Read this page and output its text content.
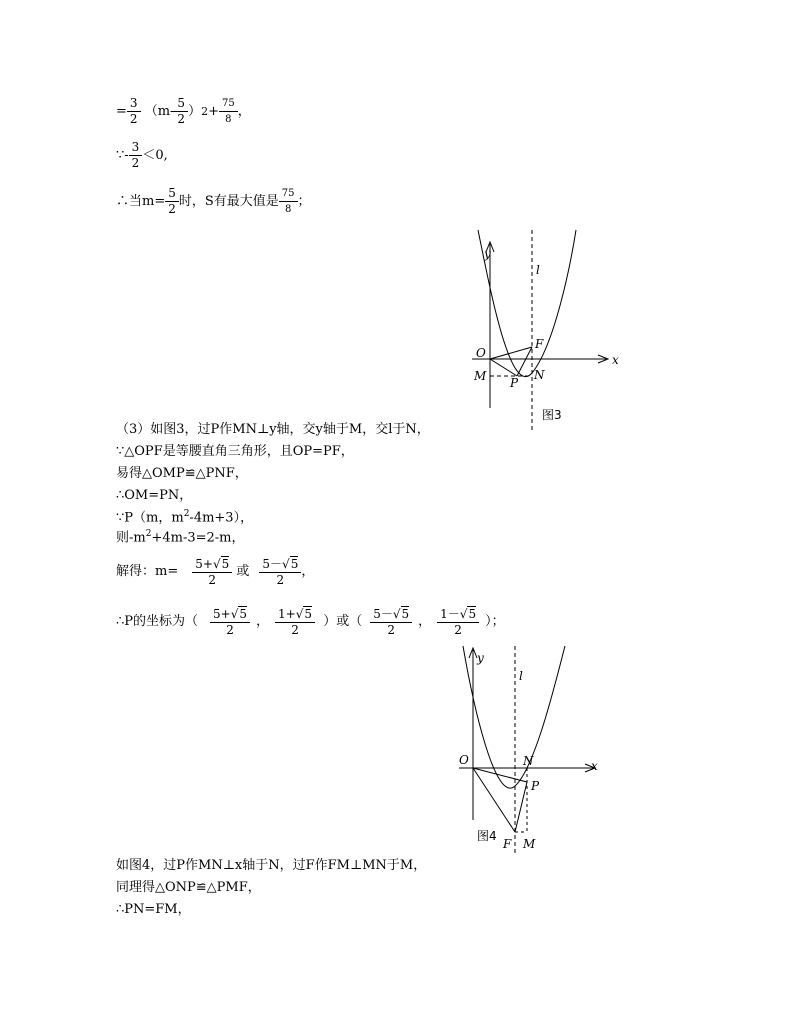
= $\frac{3}{2} (m- \frac{5}{2} )2+ \frac{75}{8}$ ，
∵- $\frac{3}{2} <0$,
∴当$m= \frac{5}{2}$ 时，S有最大值是 $\frac{75}{8}$ ；
y
l
x
O
F
M P
N
图3
（3）如图3，过P作MN⊥y轴，交y轴于M，交l于N，
∵△OPF是等腰直角三角形，且OP=PF，
易得△OMP≌△PNF，
∴OM=PN，
∵P（m，$m^2-4m+3$），
则$-m^2+4m-3=2-m$，
解得：$m= \frac{5+√5}{2}$ 或 $\frac{5-√5}{2}$ ，
∴P的坐标为（ $\frac{5+√5}{2}$ ， $\frac{1+√5}{2}$ ）或（ $\frac{5-√5}{2}$ ， $\frac{1-√5}{2}$ ）；
y
l
x
O	N
P
F M
图4
如图4，过P作MN⊥x轴于N，过F作FM⊥MN于M，
同理得△ONP≌△PMF，
∴PN=FM，
